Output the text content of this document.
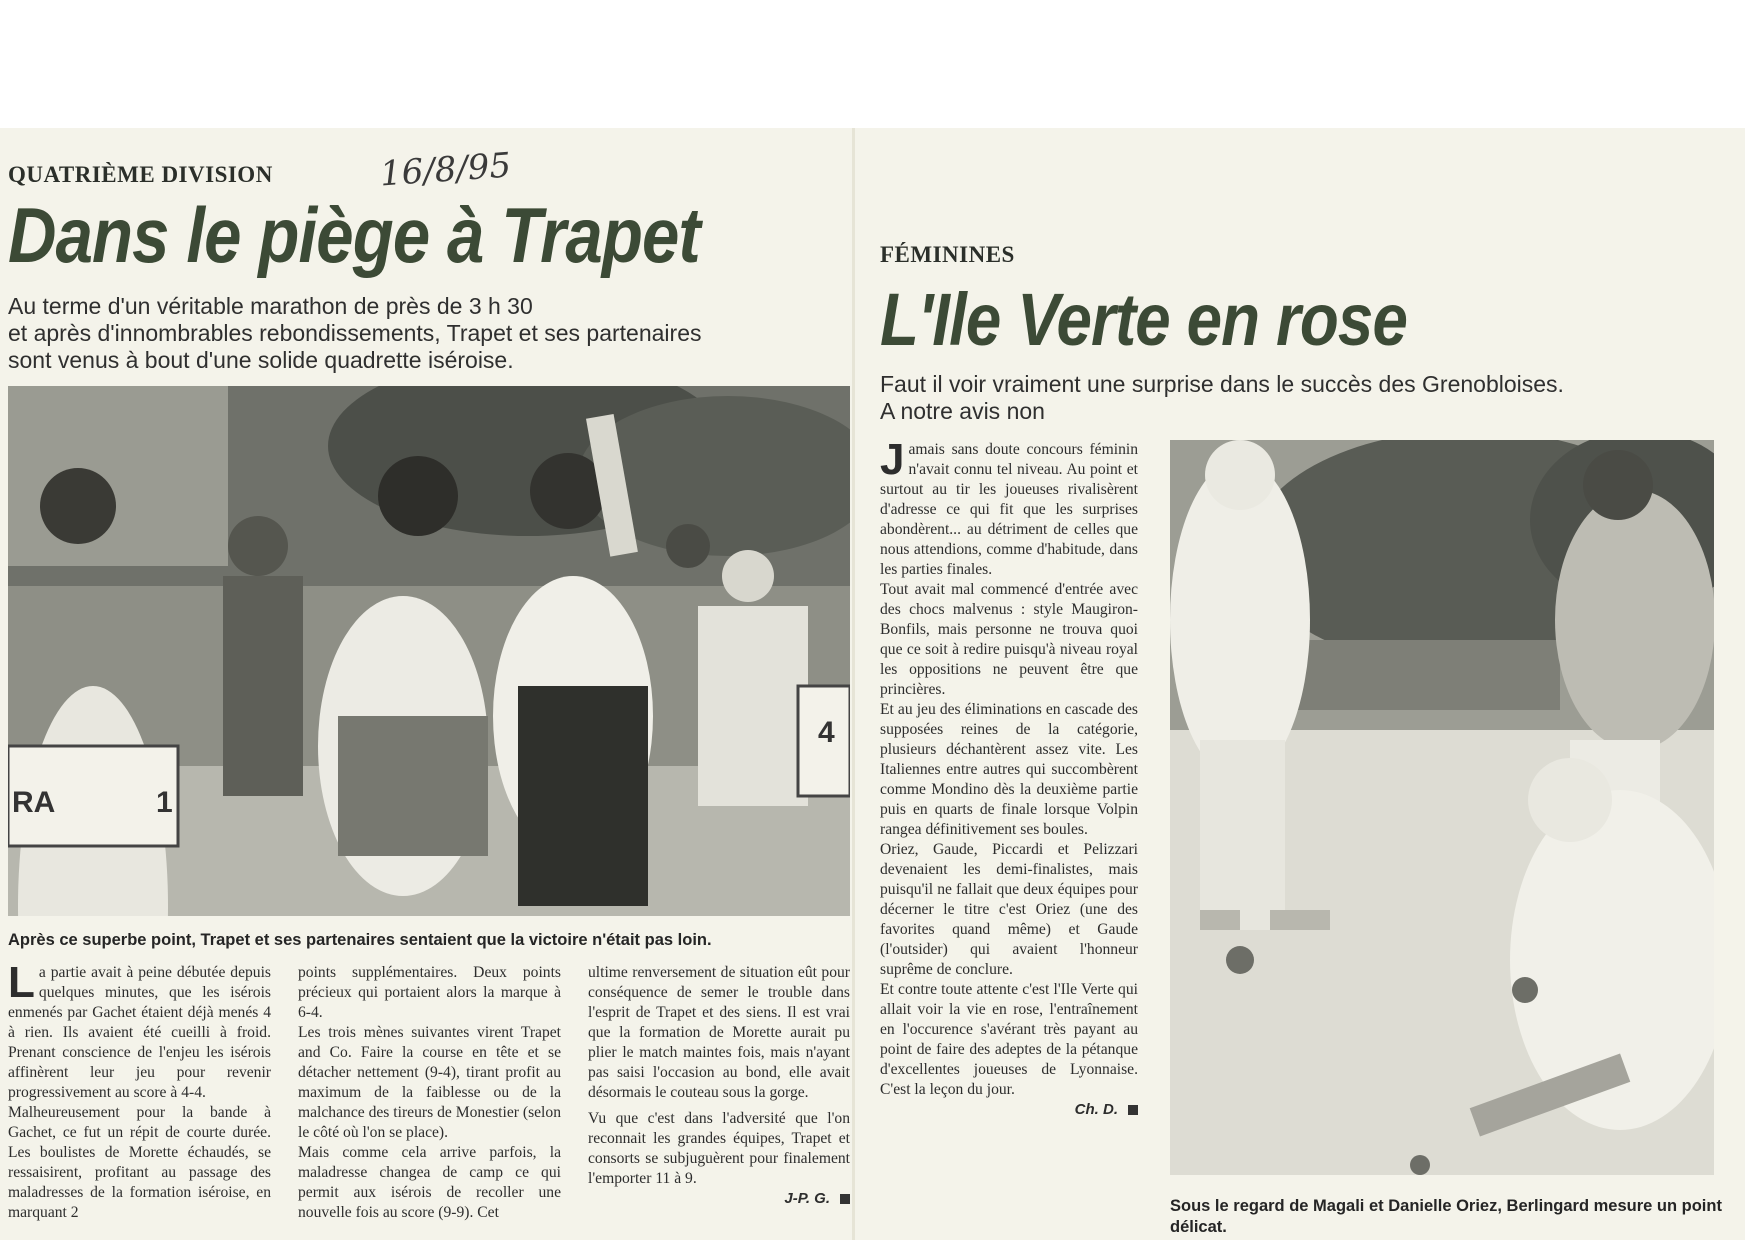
QUATRIÈME DIVISION	16/8/95
Dans le piège à Trapet
Au terme d'un véritable marathon de près de 3 h 30
et après d'innombrables rebondissements, Trapet et ses partenaires
sont venus à bout d'une solide quadrette iséroise.
RA	1
4
Après ce superbe point, Trapet et ses partenaires sentaient que la victoire n'était pas loin.
L a partie avait à peine débutée depuis quelques minutes, que les isérois enmenés par Gachet étaient déjà menés 4 à rien. Ils avaient été cueilli à froid. Prenant conscience de l'enjeu les isérois affinèrent leur jeu pour revenir progressivement au score à 4-4.

Malheureusement pour la bande à Gachet, ce fut un répit de courte durée. Les boulistes de Morette échaudés, se ressaisirent, profitant au passage des maladresses de la formation iséroise, en marquant 2

points supplémentaires. Deux points précieux qui portaient alors la marque à 6-4.

Les trois mènes suivantes virent Trapet and Co. Faire la course en tête et se détacher nettement (9-4), tirant profit au maximum de la faiblesse ou de la malchance des tireurs de Monestier (selon le côté où l'on se place).

Mais comme cela arrive parfois, la maladresse changea de camp ce qui permit aux isérois de recoller une nouvelle fois au score (9-9). Cet

ultime renversement de situation eût pour conséquence de semer le trouble dans l'esprit de Trapet et des siens. Il est vrai que la formation de Morette aurait pu plier le match maintes fois, mais n'ayant pas saisi l'occasion au bond, elle avait désormais le couteau sous la gorge.

Vu que c'est dans l'adversité que l'on reconnait les grandes équipes, Trapet et consorts se subjuguèrent pour finalement l'emporter 11 à 9.

J-P. G.

FÉMININES
L'Ile Verte en rose
Faut il voir vraiment une surprise dans le succès des Grenobloises.
A notre avis non
J amais sans doute concours féminin n'avait connu tel niveau. Au point et surtout au tir les joueuses rivalisèrent d'adresse ce qui fit que les surprises abondèrent... au détriment de celles que nous attendions, comme d'habitude, dans les parties finales.

Tout avait mal commencé d'entrée avec des chocs malvenus : style Maugiron-Bonfils, mais personne ne trouva quoi que ce soit à redire puisqu'à niveau royal les oppositions ne peuvent être que princières.

Et au jeu des éliminations en cascade des supposées reines de la catégorie, plusieurs déchantèrent assez vite. Les Italiennes entre autres qui succombèrent comme Mondino dès la deuxième partie puis en quarts de finale lorsque Volpin rangea définitivement ses boules.

Oriez, Gaude, Piccardi et Pelizzari devenaient les demi-finalistes, mais puisqu'il ne fallait que deux équipes pour décerner le titre c'est Oriez (une des favorites quand même) et Gaude (l'outsider) qui avaient l'honneur suprême de conclure.

Et contre toute attente c'est l'Ile Verte qui allait voir la vie en rose, l'entraînement en l'occurence s'avérant très payant au point de faire des adeptes de la pétanque d'excellentes joueuses de Lyonnaise. C'est la leçon du jour.

Ch. D.

Sous le regard de Magali et Danielle Oriez, Berlingard mesure un point délicat.
